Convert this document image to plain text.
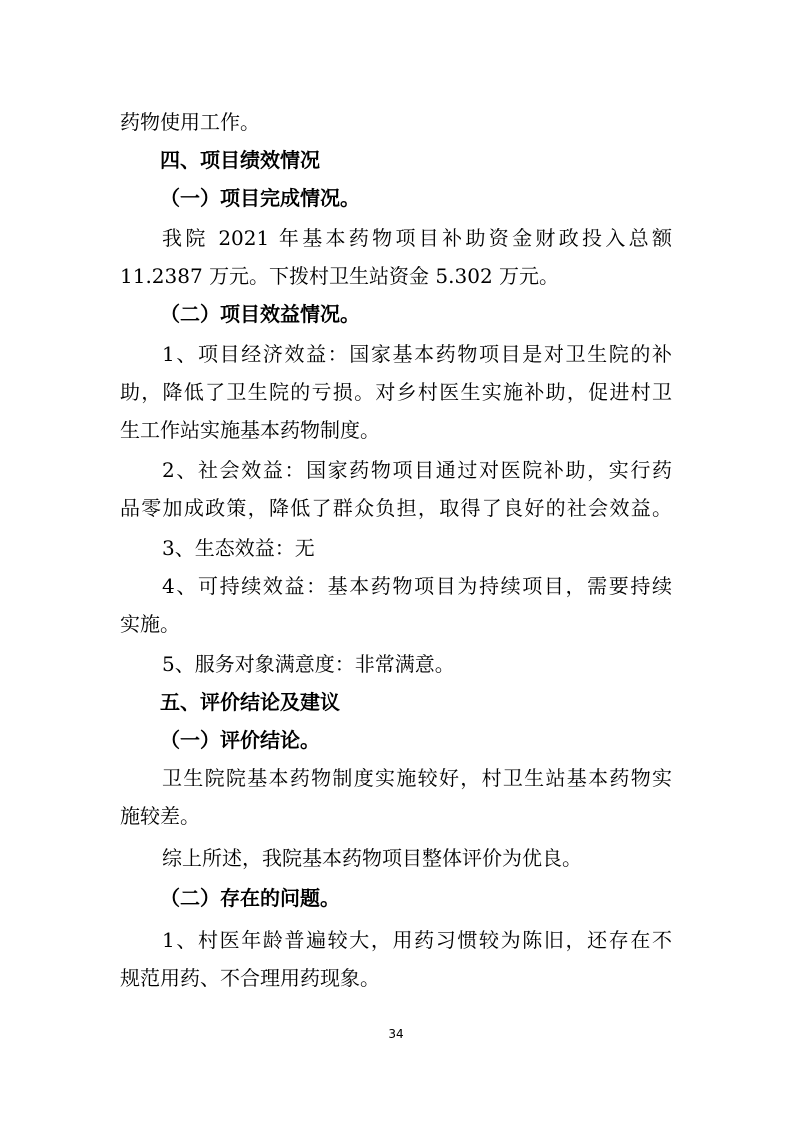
药物使用工作。
四、项目绩效情况
（一）项目完成情况。
我院 2021 年基本药物项目补助资金财政投入总额
11.2387 万元。下拨村卫生站资金 5.302 万元。
（二）项目效益情况。
1、项目经济效益：国家基本药物项目是对卫生院的补
助，降低了卫生院的亏损。对乡村医生实施补助，促进村卫
生工作站实施基本药物制度。
2、社会效益：国家药物项目通过对医院补助，实行药
品零加成政策，降低了群众负担，取得了良好的社会效益。
3、生态效益：无
4、可持续效益：基本药物项目为持续项目，需要持续
实施。
5、服务对象满意度：非常满意。
五、评价结论及建议
（一）评价结论。
卫生院院基本药物制度实施较好，村卫生站基本药物实
施较差。
综上所述，我院基本药物项目整体评价为优良。
（二）存在的问题。
1、村医年龄普遍较大，用药习惯较为陈旧，还存在不
规范用药、不合理用药现象。
34
